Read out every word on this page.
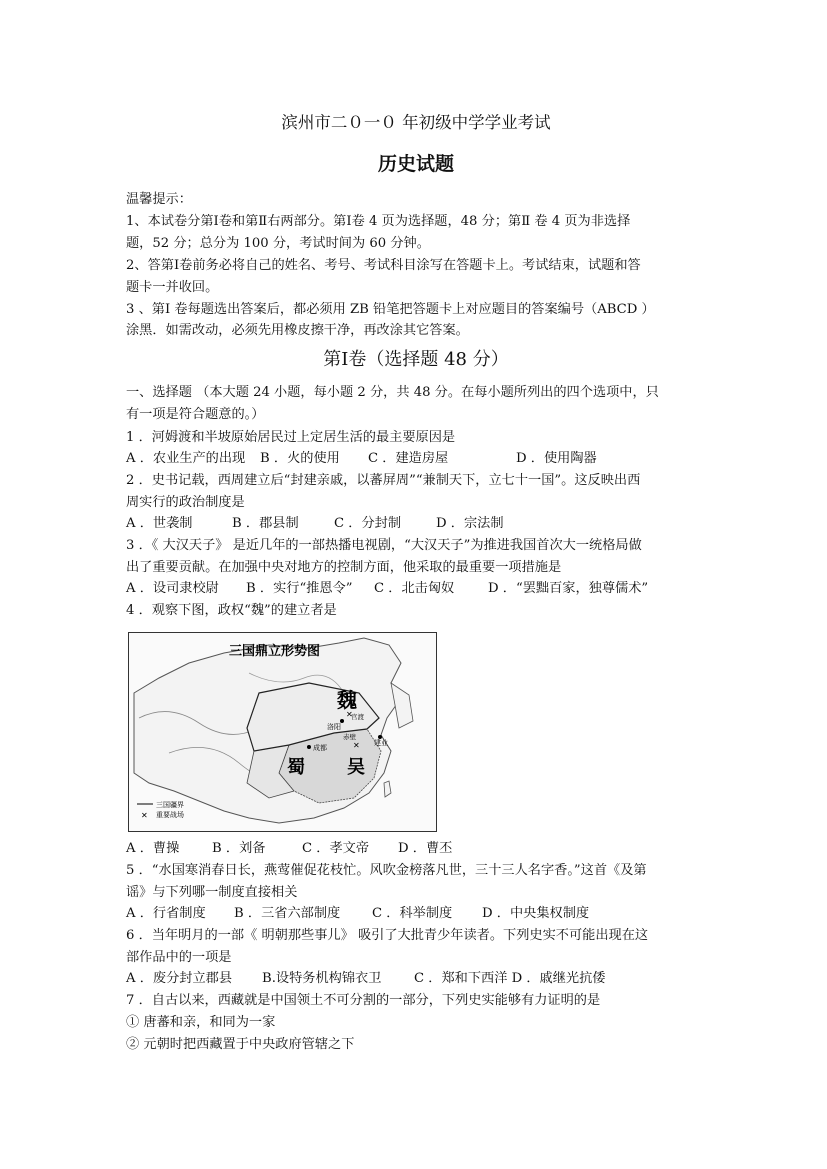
滨州市二０一０ 年初级中学学业考试
历史试题
温馨提示：
1、本试卷分第Ⅰ卷和第Ⅱ右两部分。第Ⅰ卷 4 页为选择题，48 分；第Ⅱ 卷 4 页为非选择
题，52 分；总分为 100 分，考试时间为 60 分钟。
2、答第Ⅰ卷前务必将自己的姓名、考号、考试科目涂写在答题卡上。考试结束，试题和答
题卡一并收回。
3 、第Ⅰ 卷每题选出答案后，都必须用 ZB 铅笔把答题卡上对应题目的答案编号（ABCD ）
涂黑．如需改动，必须先用橡皮擦干净，再改涂其它答案。
第Ⅰ卷（选择题 48 分）
一、选择题 （本大题 24 小题，每小题 2 分，共 48 分。在每小题所列出的四个选项中，只
有一项是符合题意的。）
1 ．河姆渡和半坡原始居民过上定居生活的最主要原因是
A ．农业生产的出现 B ．火的使用 C ．建造房屋	D ．使用陶器
2 ．史书记载，西周建立后“封建亲戚，以蕃屏周”“兼制天下，立七十一国”。这反映出西
周实行的政治制度是
A ．世袭制	B ．郡县制	C ．分封制	D ．宗法制
3 ．《 大汉天子》 是近几年的一部热播电视剧，“大汉天子”为推进我国首次大一统格局做
出了重要贡献。在加强中央对地方的控制方面，他采取的最重要一项措施是
A ．设司隶校尉 B ．实行“推恩令” C ．北击匈奴	D ．“罢黜百家，独尊儒术”
4 ．观察下图，政权“魏”的建立者是
三国鼎立形势图
魏
蜀 吴
洛阳
成都
建业
官渡
赤壁
✕
✕
三国疆界
✕ 重要战场
A ．曹操 B ．刘备	C ．孝文帝 D ．曹丕
5 ．“水国寒消春日长，燕莺催促花枝忙。风吹金榜落凡世，三十三人名字香。”这首《及第
谣》与下列哪一制度直接相关
A ．行省制度 B ．三省六部制度 C ．科举制度 D ．中央集权制度
6 ．当年明月的一部《 明朝那些事儿》 吸引了大批青少年读者。下列史实不可能出现在这
部作品中的一项是
A ．废分封立郡县 B.设特务机构锦衣卫 C ．郑和下西洋 D ．戚继光抗倭
7 ．自古以来，西藏就是中国领土不可分割的一部分，下列史实能够有力证明的是
① 唐蕃和亲，和同为一家
② 元朝时把西藏置于中央政府管辖之下
